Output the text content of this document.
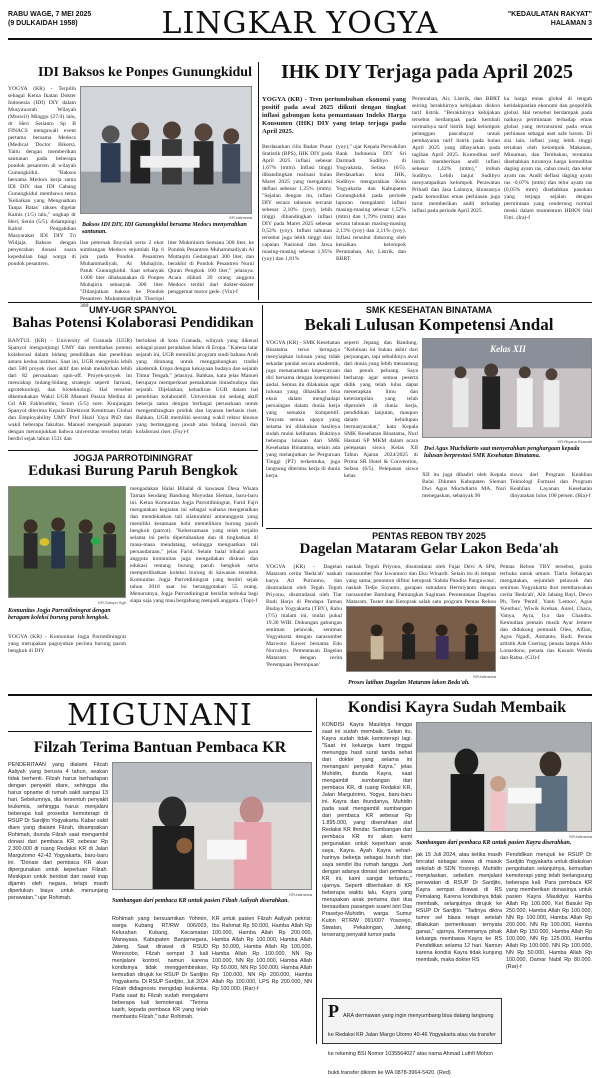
RABU WAGE, 7 MEI 2025
(9 DULKAIDAH 1958)	LINGKAR YOGYA	"KEDAULATAN RAKYAT"
HALAMAN 3
IDI Baksos ke Ponpes Gunungkidul
YOGYA (KR) - Terpilih sebagai Ketua Ikatan Dokter Indonesia (IDI) DIY dalam Musyawarah Wilayah (Muswil) Minggu (27/4) lalu, dr Heri Setianto Sp B FINACS mengawali event pertama bersama Medocs (Medical Doctor Bikers). Yaitu dengan memberikan santunan pada beberapa pondok pesantren di wilayah Gunungkidul. "Baksos bersama Medocs kerja sama IDI DIY dan IDI Cabang Gunungkidul membawa tema 'Kebaikan yang Menguatkan Tanpa Batas' rakses digelar Kamis (1/5) lalu," ungkap dr Heri, Senin (5/5). didampingi Kabid Pengabdian Masyarakat IDI DIY Tri Widjaja. Baksos dengan penyerahan donasi suara kepedulian bagi warga di pondok pesantren.
KR-Istimewa
Baksos IDI DIY, IDI Gunungkidul bersama Medocs menyerahkan santunan.
lian peternak Boyolali serta 2 ekor sumbangan Medocs sejumlah Rp 6 juta pada Pondok Pesantren Muhammadiyah, Al Muhajirin, Patuk Gunungkidul. Saat sebanyak 1.000 liter dilaksanakan di Ponpes Muhajirin sebanyak 300 liter. "Dilanjutkan baksos ke Pondok Pesantren Muhammadiyah Thoriqul 300
liter Mukminim Semanu 300 liter, ke Pondok Pesantren Muhammadiyah Al Muttaqim Gedangsari 300 liter, dan berakhir di Pondok Pesantren Nurul Quran Pengkok 100 liter," jelasnya. Acara diikuti 20 orang anggota Medocs terdiri dari dokter-dokter penggemar motor gede. (Vin)-f
IHK DIY Terjaga pada April 2025
YOGYA (KR) - Tren pertumbuhan ekonomi yang positif pada awal 2025 diikuti dengan tingkat inflasi gabungan kota pemantauan Indeks Harga Konsumen (IHK) DIY yang tetap terjaga pada April 2025.
Berdasarkan rilis Badan Pusat Statistik (BPS), IHK DIY pada April 2025 inflasi sebesar 1,67% (mtm). Inflasi tinggi dibandingkan realisasi bulan Maret 2025 yang mengalami deflasi sebesar 1,25% (mtm). "Sejalan dengan itu, inflasi DIY secara tahunan tercatat sebesar 2,10% (yoy), lebih tinggi dibandingkan inflasi DIY pada Maret 2025 sebesar 0,52% (yoy). Inflasi tahunan tersebut juga lebih tinggi dari capaian Nasional dan Jawa masing-masing sebesar 1,95% (yoy) dan 1,81%
(yoy)," ujar Kepala Perwakilan Bank Indonesia DIY Sri Darmadi Sudibyo di Yogyakarta, Selasa (6/5). Berdasarkan kota IHK, Sudibyo menguraikan Kota Yogyakarta dan Kabupaten Gunungkidul pada periode laporan mengalami inflasi masing-masing sebesar 1,52% (mtm) dan 1,79% (mtm) atau secara tahunan masing-masing 2,13% (yoy) dan 2,11% (yoy). Inflasi tersebut didorong oleh kenaikan kelompok Perumahan, Air, Listrik, dan BBRT.
Perumahan, Air, Listrik, dan BBRT seiring berakhirnya kebijakan diskon tarif listrik. "Berakhirnya kebijakan tersebut berdampak pada kembali normalnya tarif listrik bagi kelompok pelanggan pascabayar untuk pembayaran tarif listrik pada bulan April 2025 yang dibayarkan pada tagihan April 2025. Komoditas tarif listrik memberikan andil inflasi sebesar 1,42% (mtm)," imbuh Sudibyo. Lebih lanjut Sudibyo menyampaikan kelompok Perawatan Pribadi dan Jasa Lainnya, khususnya pada komoditas emas perhiasan juga turut memberikan andil terhadap inflasi pada periode April 2025.
ka harga emas global di tengah ketidakpastian ekonomi dan geopolitik global. Hal tersebut berdampak pada naiknya permintaan terhadap emas global yang tertransmisi pada emas perhiasan sebagai aset safe haven. Di sisi lain, inflasi yang lebih tinggi tertahan oleh kelompok Makanan, Minuman, dan Tembakau, terutama disebabkan turunnya harga komoditas daging ayam ras, cabai rawit, dan telur ayam ras. Andil deflasi daging ayam ras -0,07% (mtm) dan telur ayam ras (0,05% mtm) disebabkan pasokan yang terjaga sejalan dengan permintaan yang cenderung normal meski dalam momentum HBKN Idul Fitri. (Ira)-f
UMY-UGR SPANYOL
Bahas Potensi Kolaborasi Pendidikan
BANTUL (KR) - University of Granada (UGR) Spanyol mengunjungi UMY dan membahas potensi kolaborasi dalam bidang pendidikan dan penelitian antara kedua institusi. Saat ini, UGR mengelola lebih dari 580 proyek riset aktif dan telah melahirkan lebih dari 82 perusahaan spin-off. Proyek-proyek ini mencakup bidang-bidang strategis seperti farmasi, agroteknologi, dan bioteknologi. Hal tersebut dikemukakan Wakil UGR Manuel Pasiza Medina di Gd AR Fakhruddin, Senin (5/5) sore. Kunjungan Spanyol diterima Kepala Direktorat Kemitraan Global dan Employability UMY Prof Hazil Yaya PhD dan wakil beberapa fakultas. Manuel mengenali papanan dengan menunjukkan bahwa universitas tersebut telah berdiri sejak tahun 1531 dan
berlokasi di kota Granada, wilayah yang dikenal sebagai pusat peradaban Islam di Eropa. "Karena latar sejarah ini, UGR memiliki program studi bahasa Arab yang diranang untuk menggabungkan tradisi akademik Eropa dengan kekayaan budaya dan sejarah Timur Tengah," jelasnya. Bahkan, kata jelas Manuel berupaya memperkuat pemahaman lintasbudaya dan sejarah. Dijelaskan, kehadiran UGR dalam hal penelitian kolaboratif. Universitas ini sedang aktif bekerja sama dengan berbagai perusahaan untuk mengembangkan produk dan layanan berbasis riset. Bahkan, UGR memiliki seorang wakil rektor khusus yang bertanggung jawab atas bidang inovasi dan kolaborasi riset. (Fsy)-f
SMK KESEHATAN BINATAMA
Bekali Lulusan Kompetensi Andal
YOGYA (KR) - SMK Kesehatan Binatama terus berupaya menyiapkan lulusan yang tidak sekadar pandai secara akademik, juga menanamkan kepercayaan diri bersama dengan kompetensi andal. Semua itu dilakukan agar lulusan yang dihasilkan bisa eksis dalam menghadapi persaingan dalam dunia kerja yang semakin kompetitif. Tenyata semua upaya yang selama ini dilakukan hasilnya sudah mulai kelihatan. Buktinya beberapa lulusan dari SMK Kesehatan Binatama, selain ada yang melanjutkan ke Perguruan Tinggi (PT) terkemuka, juga langsung diterima kerja di dunia kerja.
seperti Jepang dan Bandung. "Keluluan ini bukan akhir dari perjuangan, tapi sebaliknya awal dari dunia yang lebih menantang dan penuh peluang. Saya berharap agar semua peserta didik yang telah lulus dapat menerapkan ilmu dan keterampilan yang telah diperoleh di dunia kerja, pendidikan lanjutan, maupun dalam kehidupan bermasyarakat," kata Kepala SMK Kesehatan Binatama, Nuri Hastuti SP MKM dalam acara pelepasan siswa Kelas XII Tahun Ajaran 2024/2025 di Prima SR Hotel & Convention, Selasa (6/5). Pelepasan siswa kelas
Kelas XII
KR-Riyana Ekawati
Dwi Agus Muchdiarto saat menyerahkan penghargaan kepada lulusan berprestasi SMK Kesehatan Binatama.
XII itu juga dihadiri oleh Kepala Balai Dikmen Kabupaten Sleman Dwi Agus Muchdiarto MA. Nuri menegaskan, sebanyak 96
siswa dari Program Keahlian Teknologi Farmasi dan Program Keahlian Layanan Kesehatan dinyatakan lulus 100 persen. (Bia)-f
JOGJA PARROTDININGRAT
Edukasi Burung Paruh Bengkok
KR-Sutopo Sgh
Komunitas Jogja Parrotdiningrat dengan beragam koleksi burung paruh bengkok.
YOGYA (KR) - Komunitas Jogja Parrotdiningrat yang merupakan paguyuban pecinta burung paruh bengkok di DIY
mengadakan Halal Bihalal di kawasan Desa Wisata Taman Sendang Bandung Moyudan Sleman, baru-baru ini. Ketua Komunitas Jogja Parrotdiningrat, Farid Fajri mengatakan kegiatan ini sebagai wahana mengenalkan dan mendekatkan tali silaturahmi antaranggota yang memiliki kesamaan hobi memelihara burung paruh bengkok (parrot). "Kebersamaan yang telah terjalin selama ini perlu dipertahankan dan di tingkatkan di masa-masa mendatang, sehingga menguatkan tali persaudaraan," jelas Farid. Selain halal bihalal para anggota komunitas juga mengadakan diskusi dan edukasi tentang burung paruh bengkok serta memperlihatkan koleksi burung di kawasan tersebut. Komunitas Jogja Parrotdiningrat yang berdiri sejak tahun 2018 saat ini beranggotakan 55 orang. Menurutnya, Jogja Parrotdiningrat bersifat terbuka bagi siapa saja yang mau bergabung menjadi anggota. (Top)-f
PENTAS REBON TBY 2025
Dagelan Mataram Gelar Lakon Beda'ah
YOGYA (KR) - Dagelan Mataram cerita 'Beda'ah' naskah karya Ari Purnomo, dan disutradarai oleh Tegah Teguh Priyono, disutradarai oleh Tiar Budi Harjo di Pendapa Taman Budaya Yogyakarta (TBY), Rabu (7/5) malam ini, mulai pukul 19.30 WIB. Dukungan gabungan seniman pelawak, seniman Yogyakarta dengan narasumber Marwoto Kawer bersama Edo Nurcahyo. Pementasan Dagelan Mataram dengan cerita 'Perempuan Perempuan'
naskah Teguh Priyono, disutradarai oleh Fajar Devi A SPd, narasumber Nur Iswantoro dan Eko Winardi. Selain itu di tempat yang sama, penonton difitur ketoprak 'Sabda Pandita Panguwasa', naskah Tedjo Suyanto, garapan sutradara Hermiyanto dengan narasumber Bambang Pamungkas Sugiman. Pementasan Dagelan Mataram, Teater dan Ketoprak salah satu program Pentas Rebon
KR-Istimewa
Proses latihan Dagelan Mataram lakon Beda'ah.
Pentas Rebon TBY tersebut, gratis terbuka untuk umum. Tiarlu Sebanyan mengatakan, sejumlah pelawak dan seniman Yogyakarta ikut membawakan cerita 'Beda'ah', Alit Jabang Bayi, Dewo Pb, Tere 'Pentil', Yanti 'Lemoo', Agus 'Kenthus', Wiwik Kreban, Aurel, Chaca, Vanya, Ayra, Iya dan Chandra. Kemudian pemain musik Ayar Jemere dan didukung pemusik Oleo, Alfian, Agus Ngadi, Asmanto, Rudi. Pentas artistik Ade Coering, penata lampu Aldo Lonardono, penata rias Kusum Wenda dan Ratna. (Cil)-f
MIGUNANI
Filzah Terima Bantuan Pembaca KR
PENDERITAAN yang dialami Filzah Aaliyah yang berusia 4 tahun, seakan tidak berhenti. Filzah harus berhadapan dengan penyakit diare, sehingga dia harus opname di rumah sakit sampai 13 hari. Sebelumnya, dia tersentuh penyakit leukemia, sehingga harus menjalani beberapa kali prosedur kemoterapi di RSUP Dr Sardjito Yogyakarta. Kabar sakit diare yang dialami Filzah, disampaikan Rohimah, ibunda Filzah saat mengambil donasi dari pembaca KR sebesar Rp 2.300.000 di ruang Redaksi KR di Jalan Margutomo 42-42 Yogyakarta, baru-baru ini. "Donasi dari pembaca KR akan dipergunakan untuk keperluan Filzah. Meskipun untuk berobat dan rawat inap dijamin oleh negara, tetapi masih diperlukan biaya untuk menunjang perawatan," ujar Rohimah.
KR-Istimewa
Sumbangan dari pembaca KR untuk pasien Filzah Aaliyah diserahkan.
Rohimah yang bersuamikan Yohmin, warga Kubang RT/RW 006/003, Kelurahan Kubang, Kecamatan Wanayasa, Kabupaten Banjarnegara, Jateng. Saat dirawat di RSUD Wonosobo, Filzah sempat 3 kali menjalani kontrol, namun karena kondisinya tidak menggembirakan, kemudian dirujuk ke RSUP Dr Sardjito Yogyakarta. Di RSUP Sardjito, Juli 2024 Filzah didiagnosis mengidap leukemia. Pada saat itu Filzah sudah mengalami beberapa kali kemoterapi. "Terima kasih, kepada pembaca KR yang telah membantu Filzah," tutur Rohimah.
KR untuk pasien Filzah Aaliyah pekrisi: Ibu Rahmat Rp 50.000, Hamba Allah Rp 100.000, Hamba Allah Rp 200.000, Hamba Allah Rp 100.000, Hamba Allah Rp 50.000, Hamba Allah Rp 100.000, Hamba Allah Rp 100.000, NN Rp 100.000, NN Rp 100.000, Hamba Allah Rp 50.000, NN Rp 100.000, Hamba Allah Rp 100.000, NN Rp 200.000, Hamba Allah Rp 100.000, LPS Rp 200.000, NN Rp 100.000. (Rar)-f
Kondisi Kayra Sudah Membaik
KONDISI Kayra Maulidya hingga saat ini sudah membaik. Selain itu, Kayra sudah tidak kemoterapi lagi. "Saat ini keluarga kami tinggal menunggu hasil surat tanda sehat dari dokter yang selama ini menangani penyakit Kayra," jelas Muhidin, ibunda Kayra, saat mengambil sumbangan dari pembaca KR, di ruang Redaksi KR, Jalan Margutomo, Yogya, baru-baru ini. Kayra dan ibundanya, Muhidin pada saat mengambil sumbangan dari pembaca KR sebesar Rp 1.895.000, yang diserahkan staf Redaksi KR Ifendar. Sumbangan dari pembaca KR ini akan kami pergunakan untuk keperluan anak saya, Kayra. Ayah Kayra sehari-harinya bekerja sebagai buruh dan saya sendiri ibu rumah tangga. Jadi dengan adanya donasi dari pembaca KR ini, kami sangat terbantu," ujarnya. Seperti diberitakan di KR beberapa waktu lalu, Kayra yang merupakan anak pertama dari dua bersaudara pasangan suami istri Das Prasetyo-Muhidin, warga Sumur Kulon RT/RW 091/007 Yosorejo, Siwalan, Pekalongan, Jateng, terserang penyakit tumor pada
KR-Istimewa
Sumbangan dari pembaca KR untuk pasien Kayra diserahkan.
jak 15 Juli 2024, atau ketika masih tercatat sebagai siswa di masuk sekolah di SDN Yosorejo. Muhidin menjelaskan, sebelum menjalani perawatan di RSUP Dr Sardjito, Kayra sempat dirawat di RS Pemalang. Karena kondisinya tidak membaik, selanjutnya dirujuk ke RSUP Dr Sardjito. "Tadinya dikira tumor sel biasa tetapi setelah dilakukan pemeriksaan ternyata ganas," ujarnya. Kemenanya pihak keluarga membawa Kayra ke RS Pendidikan selama 12 hari. Namun karena kondisi Kayra tidak kunjung membaik, maka dokter RS
Pendidikan merujuk ke RSUP Dr Sardjito Yogyakarta untuk dilakukan pengobatan selanjutnya, kemudian kemoterapi yang telah berlangsung beberapa kali. Para pembaca KR yang memberikan donasinya untuk pasien Kayra Maulidya: Hamba Allah Rp 100.000, Kel Basuki Rp 250.000, Hamba Allah Rp 100.000, NN Rp 100.000, Hamba Allah Rp 200.000, NN Rp 100.000, Hamba Allah Rp 150.000, Hamba Allah Rp 100.000, NN Rp 125.000, Hamba Allah Rp 100.000, NN Rp 100.000, NN Rp 50.000, Hamba Allah Rp 100.000, Damar Nabil Rp 80.000. (Rar)-f
P ARA dermawan yang ingin menyumbang bisa datang langsung ke Redaksi KR Jalan Margo Utomo 40-46 Yogyakarta atau via transfer ke rekening BSI Nomor 1035564027 atas nama Ahmad Luthfi Mohon bukti transfer dikirim ke WA 0878-3964-5420. (Red)
